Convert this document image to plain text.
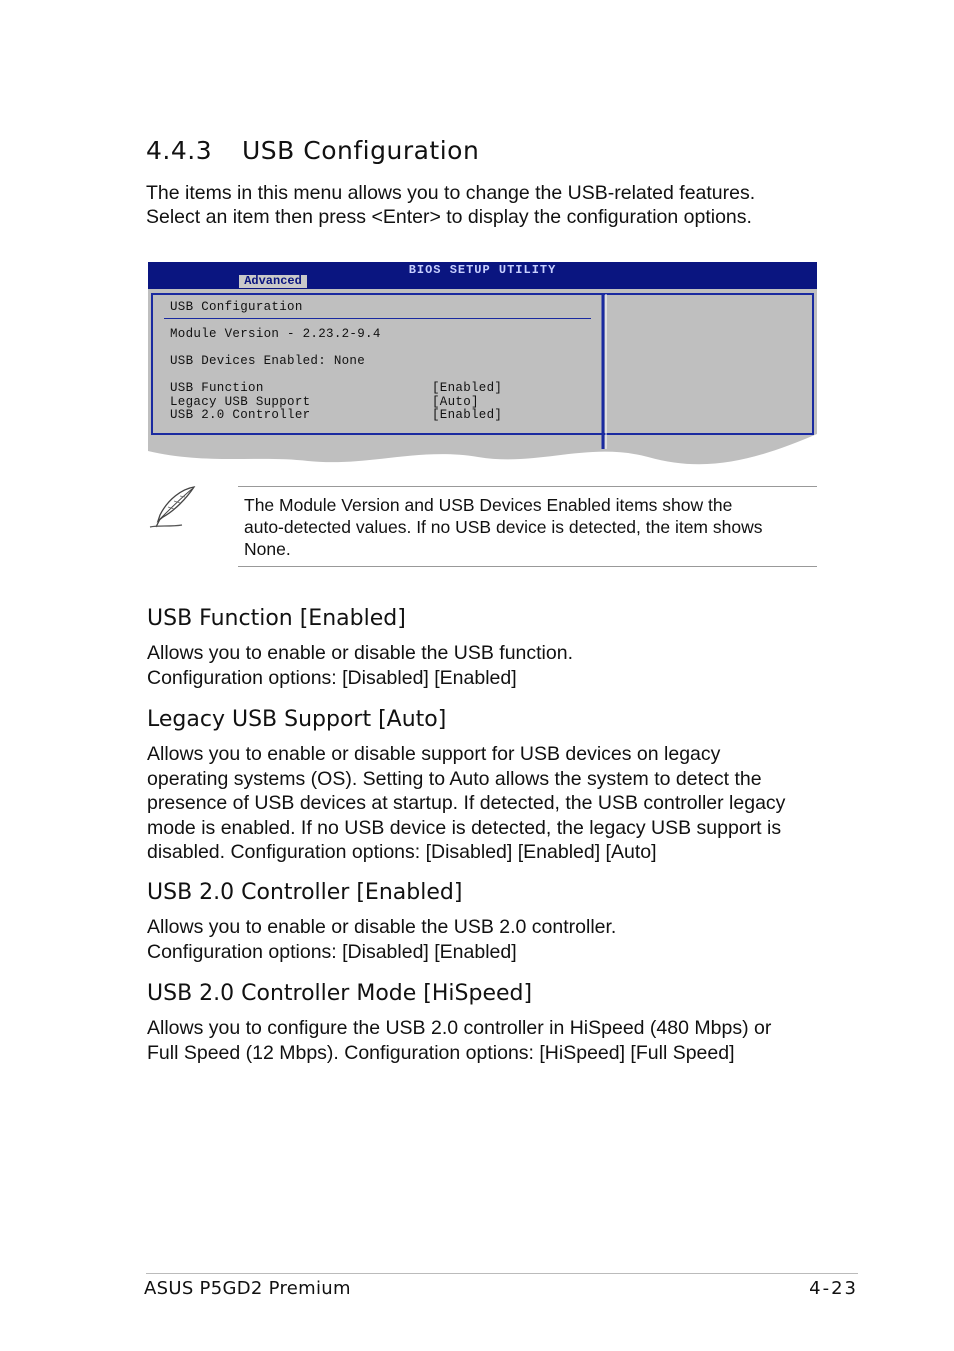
4.4.3 USB Configuration

The items in this menu allows you to change the USB-related features.

Select an item then press <Enter> to display the configuration options.

BIOS SETUP UTILITY
Advanced
USB Configuration
Module Version - 2.23.2-9.4
USB Devices Enabled: None
USB Function	[Enabled]
Legacy USB Support	[Auto]
USB 2.0 Controller	[Enabled]

The Module Version and USB Devices Enabled items show the

auto-detected values. If no USB device is detected, the item shows

None.

USB Function [Enabled]

Allows you to enable or disable the USB function.

Configuration options: [Disabled] [Enabled]

Legacy USB Support [Auto]

Allows you to enable or disable support for USB devices on legacy

operating systems (OS). Setting to Auto allows the system to detect the

presence of USB devices at startup. If detected, the USB controller legacy

mode is enabled. If no USB device is detected, the legacy USB support is

disabled. Configuration options: [Disabled] [Enabled] [Auto]

USB 2.0 Controller [Enabled]

Allows you to enable or disable the USB 2.0 controller.

Configuration options: [Disabled] [Enabled]

USB 2.0 Controller Mode [HiSpeed]

Allows you to configure the USB 2.0 controller in HiSpeed (480 Mbps) or

Full Speed (12 Mbps). Configuration options: [HiSpeed] [Full Speed]

ASUS P5GD2 Premium	4-23
